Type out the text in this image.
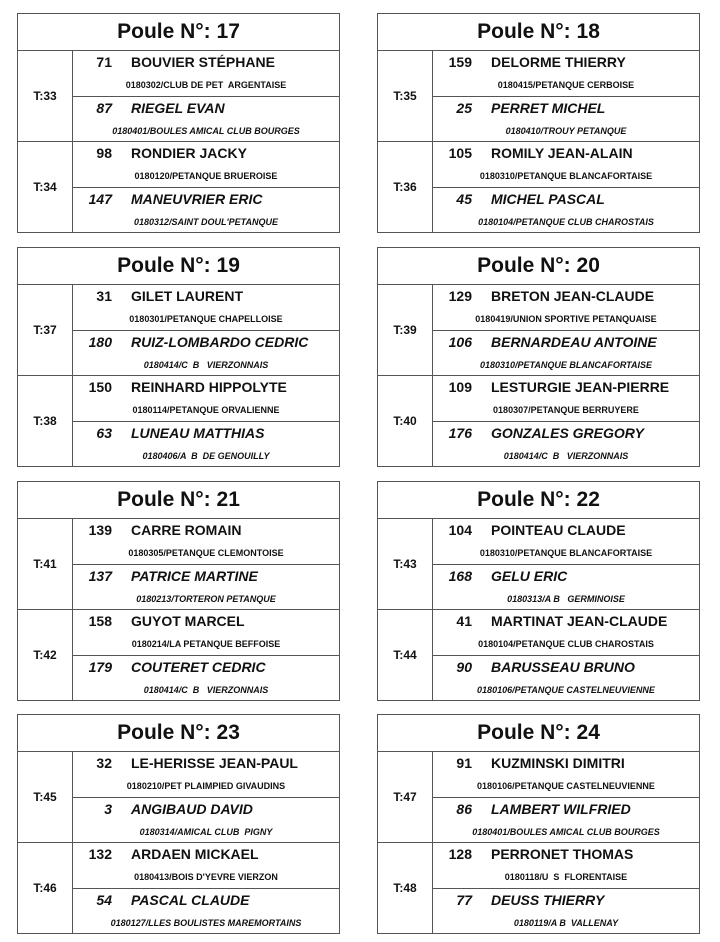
Poule N°: 17
T:33
71 BOUVIER STÉPHANE
0180302/CLUB DE PET  ARGENTAISE
87 RIEGEL EVAN
0180401/BOULES AMICAL CLUB BOURGES
T:34
98 RONDIER JACKY
0180120/PETANQUE BRUEROISE
147 MANEUVRIER ERIC
0180312/SAINT DOUL'PETANQUE
Poule N°: 18
T:35
159 DELORME THIERRY
0180415/PETANQUE CERBOISE
25 PERRET MICHEL
0180410/TROUY PETANQUE
T:36
105 ROMILY JEAN-ALAIN
0180310/PETANQUE BLANCAFORTAISE
45 MICHEL PASCAL
0180104/PETANQUE CLUB CHAROSTAIS
Poule N°: 19
T:37
31 GILET LAURENT
0180301/PETANQUE CHAPELLOISE
180 RUIZ-LOMBARDO CEDRIC
0180414/C  B   VIERZONNAIS
T:38
150 REINHARD HIPPOLYTE
0180114/PETANQUE ORVALIENNE
63 LUNEAU MATTHIAS
0180406/A  B  DE GENOUILLY
Poule N°: 20
T:39
129 BRETON JEAN-CLAUDE
0180419/UNION SPORTIVE PETANQUAISE
106 BERNARDEAU ANTOINE
0180310/PETANQUE BLANCAFORTAISE
T:40
109 LESTURGIE JEAN-PIERRE
0180307/PETANQUE BERRUYERE
176 GONZALES GREGORY
0180414/C  B   VIERZONNAIS
Poule N°: 21
T:41
139 CARRE ROMAIN
0180305/PETANQUE CLEMONTOISE
137 PATRICE MARTINE
0180213/TORTERON PETANQUE
T:42
158 GUYOT MARCEL
0180214/LA PETANQUE BEFFOISE
179 COUTERET CEDRIC
0180414/C  B   VIERZONNAIS
Poule N°: 22
T:43
104 POINTEAU CLAUDE
0180310/PETANQUE BLANCAFORTAISE
168 GELU ERIC
0180313/A B   GERMINOISE
T:44
41 MARTINAT JEAN-CLAUDE
0180104/PETANQUE CLUB CHAROSTAIS
90 BARUSSEAU BRUNO
0180106/PETANQUE CASTELNEUVIENNE
Poule N°: 23
T:45
32 LE-HERISSE JEAN-PAUL
0180210/PET PLAIMPIED GIVAUDINS
3 ANGIBAUD DAVID
0180314/AMICAL CLUB  PIGNY
T:46
132 ARDAEN MICKAEL
0180413/BOIS D'YEVRE VIERZON
54 PASCAL CLAUDE
0180127/LLES BOULISTES MAREMORTAINS
Poule N°: 24
T:47
91 KUZMINSKI DIMITRI
0180106/PETANQUE CASTELNEUVIENNE
86 LAMBERT WILFRIED
0180401/BOULES AMICAL CLUB BOURGES
T:48
128 PERRONET THOMAS
0180118/U  S  FLORENTAISE
77 DEUSS THIERRY
0180119/A B  VALLENAY
